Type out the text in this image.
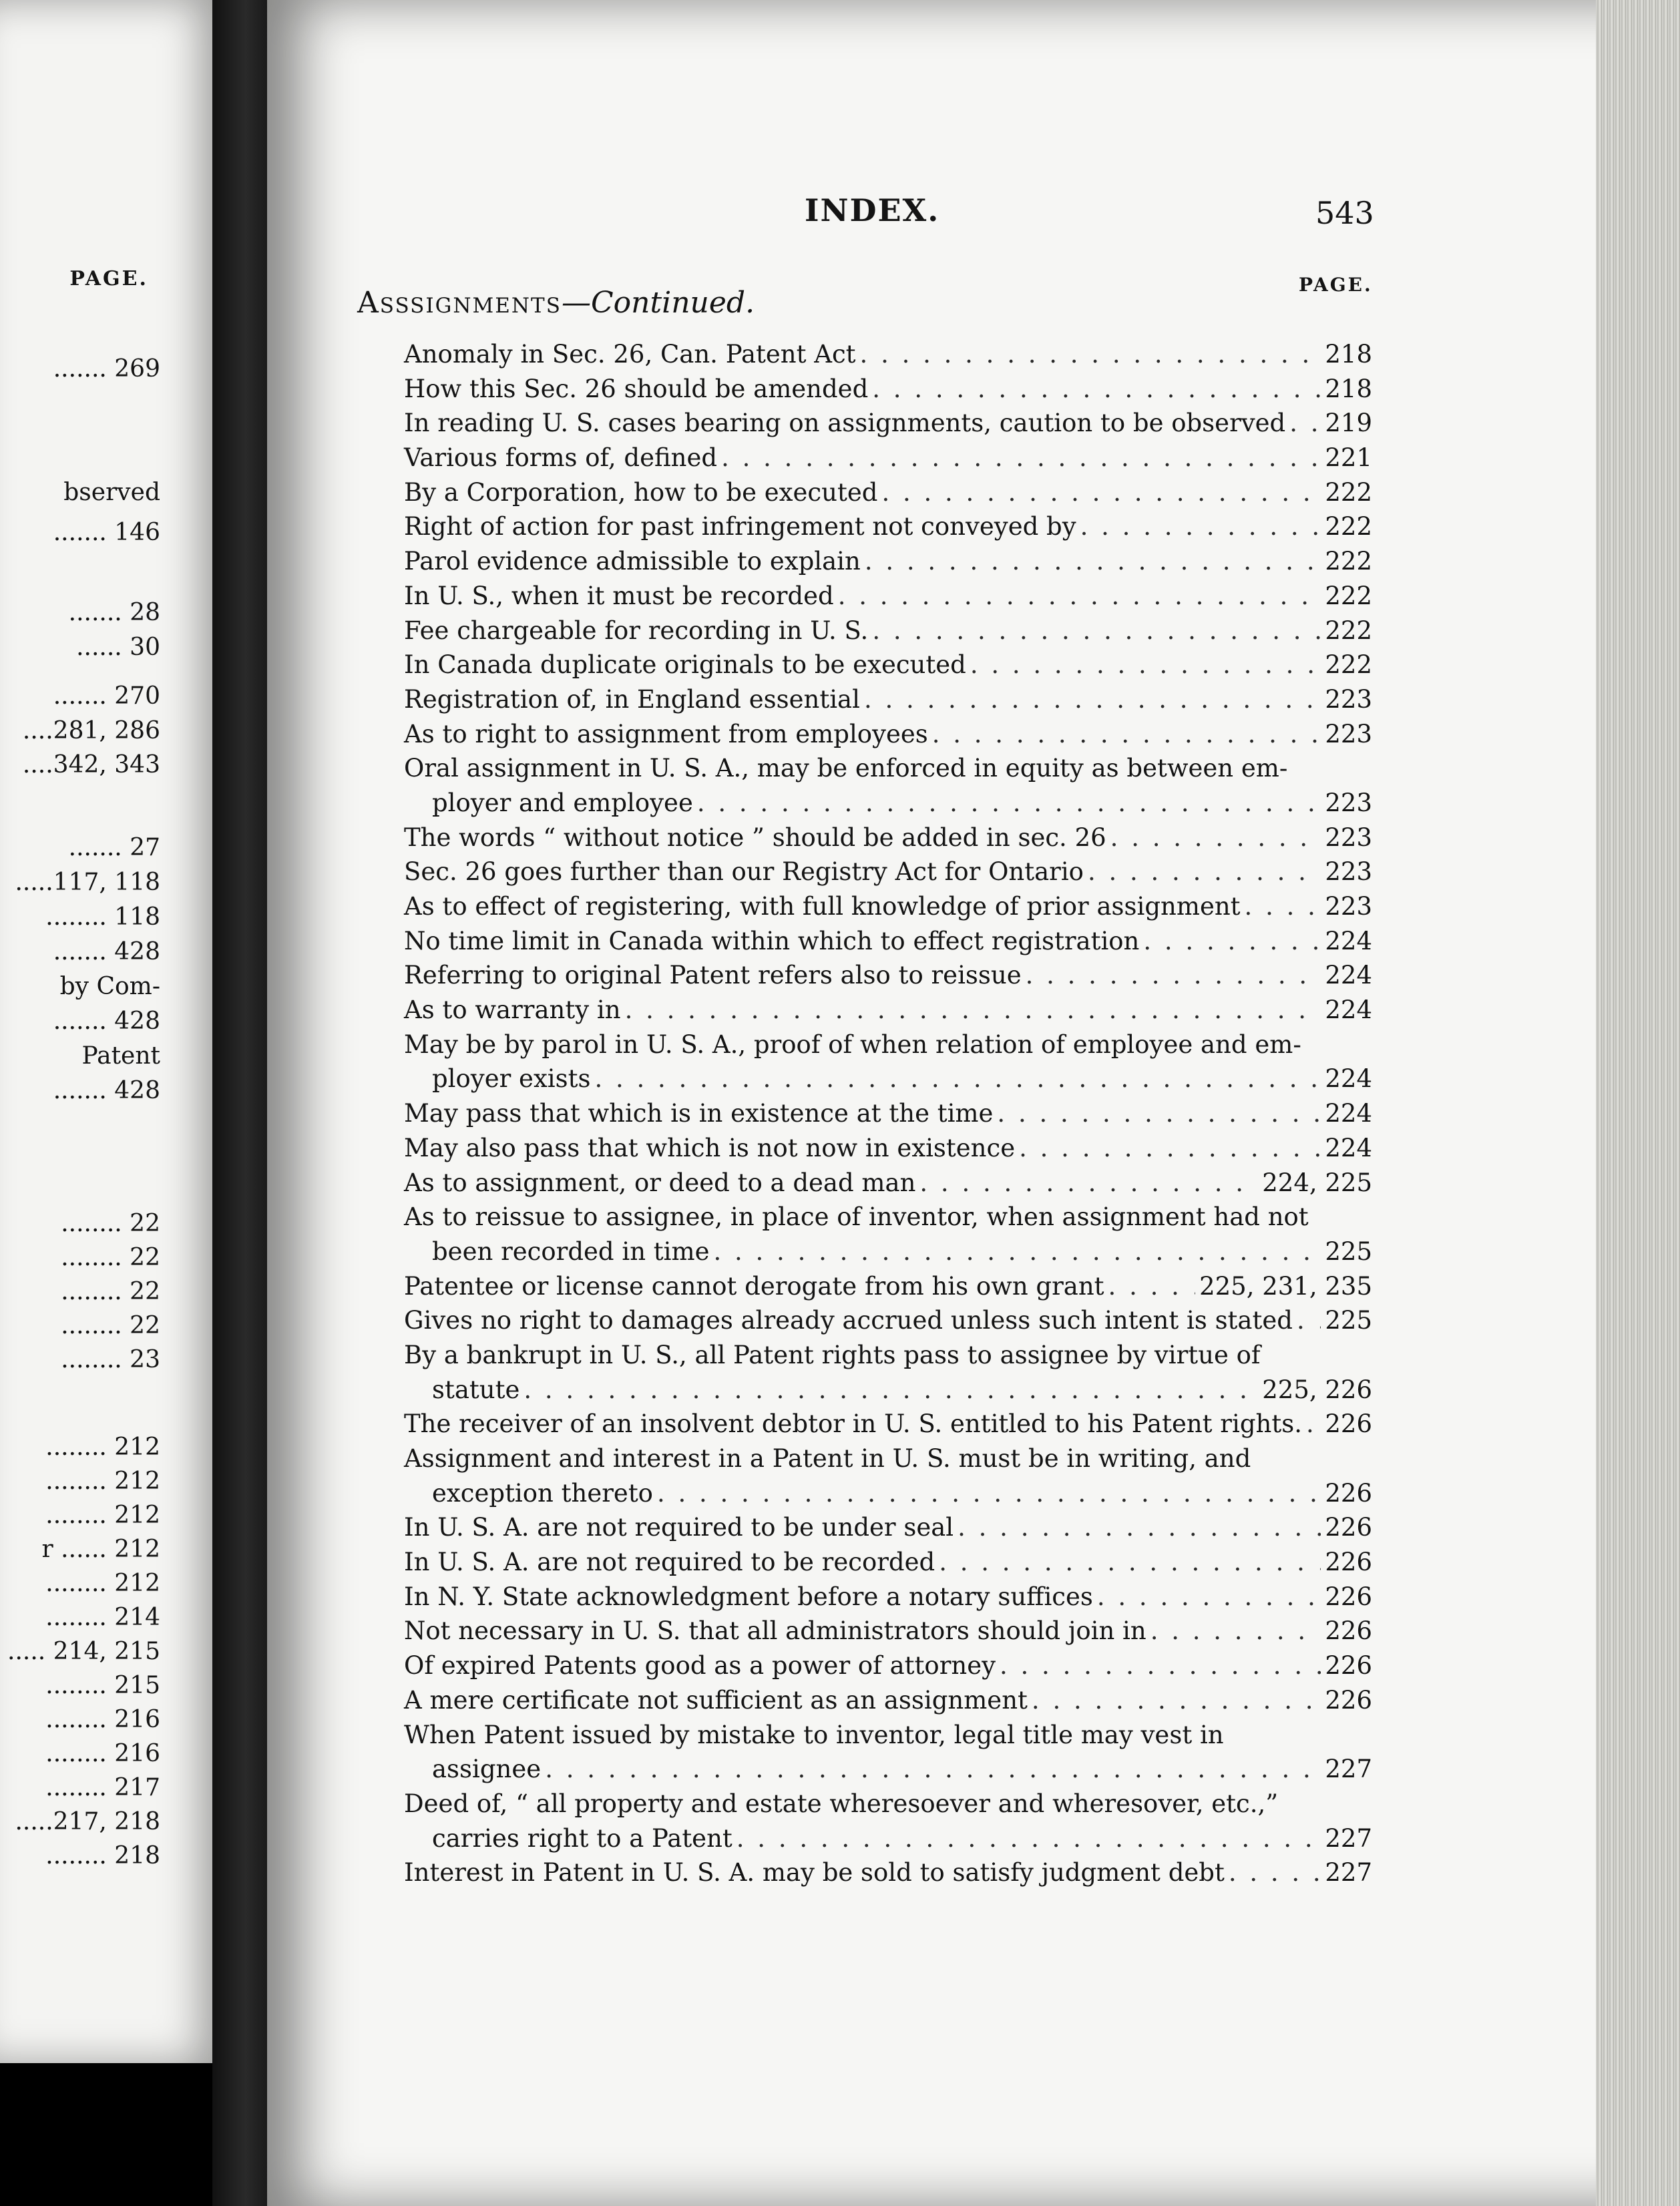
PAGE.
....... 269
bserved
....... 146
....... 28
...... 30
....... 270
....281, 286
....342, 343
....... 27
.....117, 118
........ 118
....... 428
by Com-
....... 428
Patent
....... 428
........ 22
........ 22
........ 22
........ 22
........ 23
........ 212
........ 212
........ 212
r ...... 212
........ 212
........ 214
..... 214, 215
........ 215
........ 216
........ 216
........ 217
.....217, 218
........ 218
INDEX.	543
PAGE.
Asssignments—Continued.
Anomaly in Sec. 26, Can. Patent Act . . .	218
How this Sec. 26 should be amended . . .	218
In reading U. S. cases bearing on assignments, caution to be observed . . . 219
Various forms of, defined . . .	221
By a Corporation, how to be executed . . .	222
Right of action for past infringement not conveyed by . . .	222
Parol evidence admissible to explain . . .	222
In U. S., when it must be recorded . . .	222
Fee chargeable for recording in U. S. . . .	222
In Canada duplicate originals to be executed . . .	222
Registration of, in England essential . . .	223
As to right to assignment from employees . . .	223
Oral assignment in U. S. A., may be enforced in equity as between em-
ployer and employee . . .	223
The words “ without notice ” should be added in sec. 26 . . .	223
Sec. 26 goes further than our Registry Act for Ontario . . .	223
As to effect of registering, with full knowledge of prior assignment . . .	223
No time limit in Canada within which to effect registration . . .	224
Referring to original Patent refers also to reissue . . .	224
As to warranty in . . .	224
May be by parol in U. S. A., proof of when relation of employee and em-
ployer exists . . .	224
May pass that which is in existence at the time . . .	224
May also pass that which is not now in existence . . .	224
As to assignment, or deed to a dead man . . .	224, 225
As to reissue to assignee, in place of inventor, when assignment had not
been recorded in time . . .	225
Patentee or license cannot derogate from his own grant . . .	225, 231, 235
Gives no right to damages already accrued unless such intent is stated . . . 225
By a bankrupt in U. S., all Patent rights pass to assignee by virtue of
statute . . .	225, 226
The receiver of an insolvent debtor in U. S. entitled to his Patent rights. . . . 226
Assignment and interest in a Patent in U. S. must be in writing, and
exception thereto . . .	226
In U. S. A. are not required to be under seal . . .	226
In U. S. A. are not required to be recorded . . .	226
In N. Y. State acknowledgment before a notary suffices . . .	226
Not necessary in U. S. that all administrators should join in . . .	226
Of expired Patents good as a power of attorney . . .	226
A mere certificate not sufficient as an assignment . . .	226
When Patent issued by mistake to inventor, legal title may vest in
assignee . . .	227
Deed of, “ all property and estate wheresoever and wheresover, etc.,”
carries right to a Patent . . .	227
Interest in Patent in U. S. A. may be sold to satisfy judgment debt . . .	227
